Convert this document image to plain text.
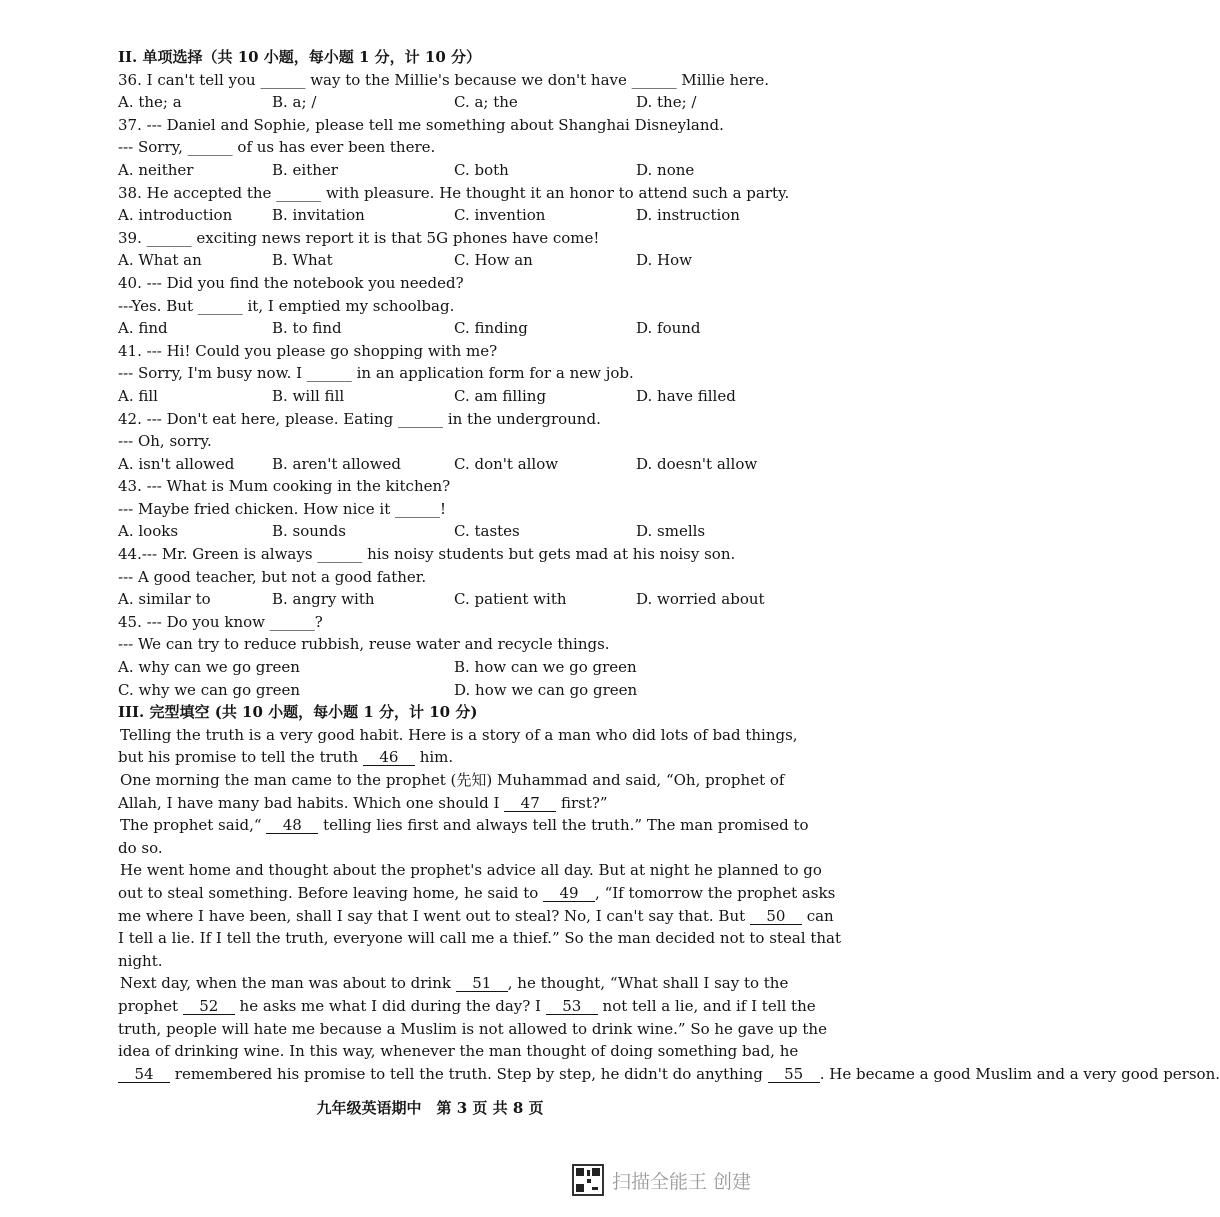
II. 单项选择（共 10 小题，每小题 1 分，计 10 分）
36. I can't tell you ______ way to the Millie's because we don't have ______ Millie here.
A. the; a	B. a; /	C. a; the	D. the; /
37. --- Daniel and Sophie, please tell me something about Shanghai Disneyland.
--- Sorry, ______ of us has ever been there.
A. neither	B. either	C. both	D. none
38. He accepted the ______ with pleasure. He thought it an honor to attend such a party.
A. introduction	B. invitation	C. invention	D. instruction
39. ______ exciting news report it is that 5G phones have come!
A. What an	B. What	C. How an	D. How
40. --- Did you find the notebook you needed?
---Yes. But ______ it, I emptied my schoolbag.
A. find	B. to find	C. finding	D. found
41. --- Hi! Could you please go shopping with me?
--- Sorry, I'm busy now. I ______ in an application form for a new job.
A. fill	B. will fill	C. am filling	D. have filled
42. --- Don't eat here, please. Eating ______ in the underground.
--- Oh, sorry.
A. isn't allowed	B. aren't allowed	C. don't allow	D. doesn't allow
43. --- What is Mum cooking in the kitchen?
--- Maybe fried chicken. How nice it ______!
A. looks	B. sounds	C. tastes	D. smells
44.--- Mr. Green is always ______ his noisy students but gets mad at his noisy son.
--- A good teacher, but not a good father.
A. similar to	B. angry with	C. patient with	D. worried about
45. --- Do you know ______?
--- We can try to reduce rubbish, reuse water and recycle things.
A. why can we go green	B. how can we go green
C. why we can go green	D. how we can go green
III. 完型填空 (共 10 小题，每小题 1 分，计 10 分)
Telling the truth is a very good habit. Here is a story of a man who did lots of bad things,
but his promise to tell the truth 46 him.
One morning the man came to the prophet (先知) Muhammad and said, “Oh, prophet of
Allah, I have many bad habits. Which one should I 47 first?”
The prophet said,“ 48 telling lies first and always tell the truth.” The man promised to
do so.
He went home and thought about the prophet's advice all day. But at night he planned to go
out to steal something. Before leaving home, he said to 49 , “If tomorrow the prophet asks
me where I have been, shall I say that I went out to steal? No, I can't say that. But 50 can
I tell a lie. If I tell the truth, everyone will call me a thief.” So the man decided not to steal that
night.
Next day, when the man was about to drink 51 , he thought, “What shall I say to the
prophet 52 he asks me what I did during the day? I 53 not tell a lie, and if I tell the
truth, people will hate me because a Muslim is not allowed to drink wine.” So he gave up the
idea of drinking wine. In this way, whenever the man thought of doing something bad, he
54 remembered his promise to tell the truth. Step by step, he didn't do anything 55 . He became a good Muslim and a very good person.
九年级英语期中　第 3 页 共 8 页
扫描全能王 创建
